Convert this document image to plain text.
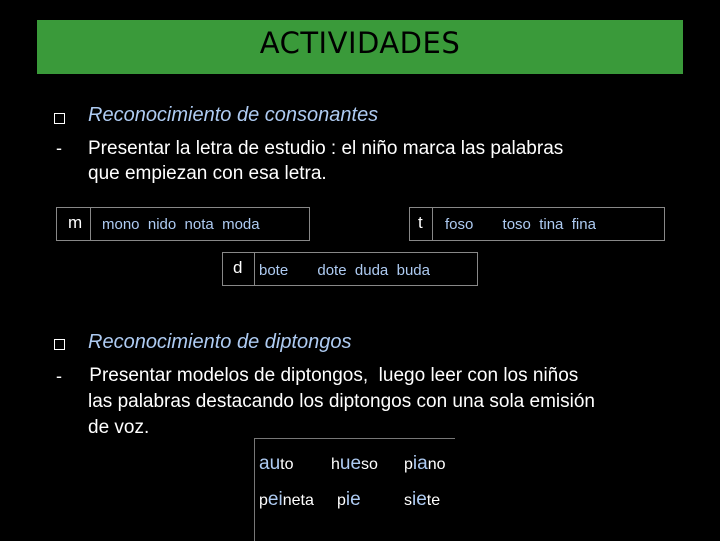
ACTIVIDADES
Reconocimiento de consonantes
- Presentar la letra de estudio : el niño marca las palabras
que empiezan con esa letra.
m mono  nido  nota  moda	t foso       toso  tina  fina
d bote       dote  duda  buda
Reconocimiento de diptongos
- Presentar modelos de diptongos,  luego leer con los niños
las palabras destacando los diptongos con una sola emisión
de voz.
auto hueso piano
peineta pie	siete
